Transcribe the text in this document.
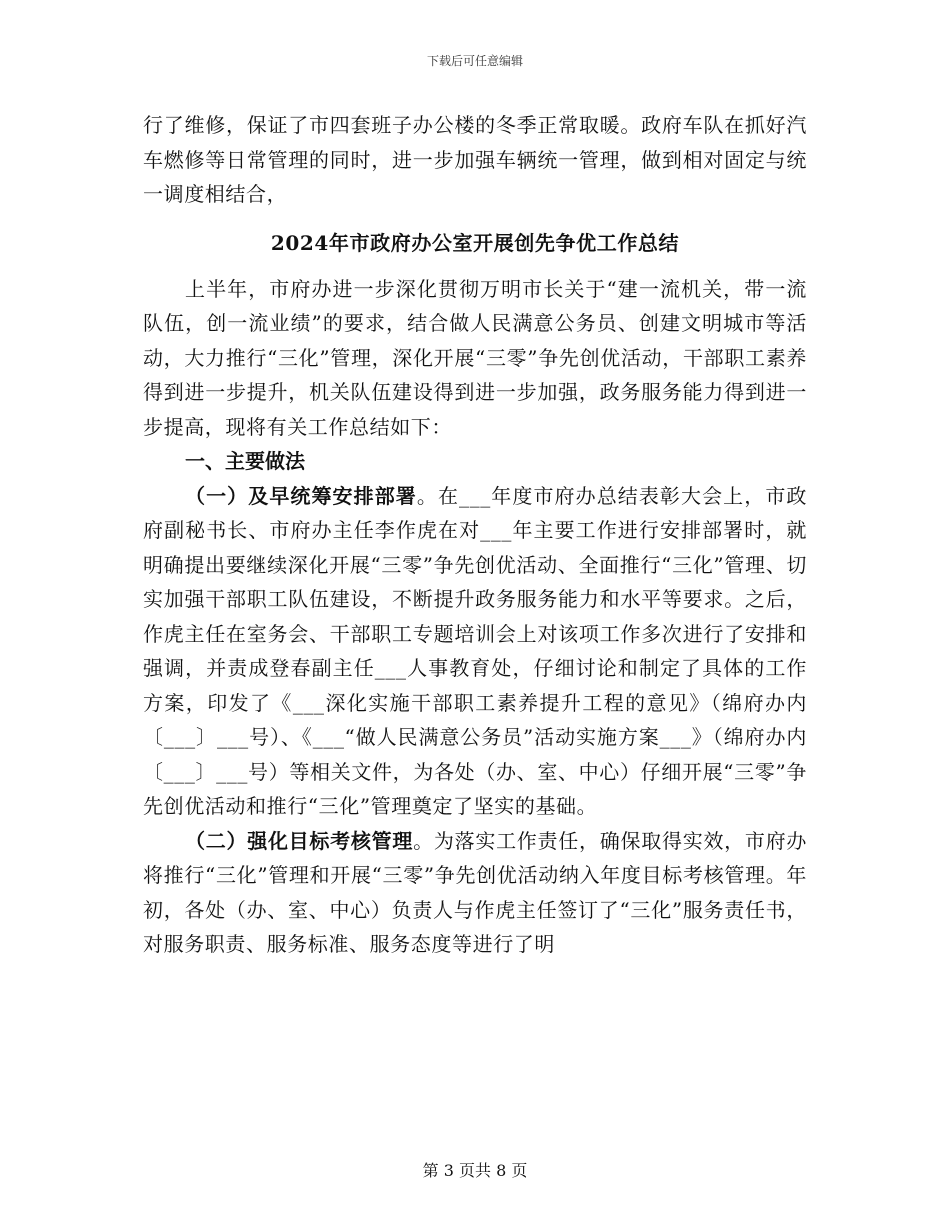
下载后可任意编辑

行了维修，保证了市四套班子办公楼的冬季正常取暖。政府车队在抓好汽车燃修等日常管理的同时，进一步加强车辆统一管理，做到相对固定与统一调度相结合，

2024年市政府办公室开展创先争优工作总结

上半年，市府办进一步深化贯彻万明市长关于“建一流机关，带一流队伍，创一流业绩”的要求，结合做人民满意公务员、创建文明城市等活动，大力推行“三化”管理，深化开展“三零”争先创优活动，干部职工素养得到进一步提升，机关队伍建设得到进一步加强，政务服务能力得到进一步提高，现将有关工作总结如下：

一、主要做法

（一）及早统筹安排部署。在___年度市府办总结表彰大会上，市政府副秘书长、市府办主任李作虎在对___年主要工作进行安排部署时，就明确提出要继续深化开展“三零”争先创优活动、全面推行“三化”管理、切实加强干部职工队伍建设，不断提升政务服务能力和水平等要求。之后，作虎主任在室务会、干部职工专题培训会上对该项工作多次进行了安排和强调，并责成登春副主任___人事教育处，仔细讨论和制定了具体的工作方案，印发了《___深化实施干部职工素养提升工程的意见》（绵府办内〔___〕___号）、《___“做人民满意公务员”活动实施方案___》（绵府办内〔___〕___号）等相关文件，为各处（办、室、中心）仔细开展“三零”争先创优活动和推行“三化”管理奠定了坚实的基础。

（二）强化目标考核管理。为落实工作责任，确保取得实效，市府办将推行“三化”管理和开展“三零”争先创优活动纳入年度目标考核管理。年初，各处（办、室、中心）负责人与作虎主任签订了“三化”服务责任书，对服务职责、服务标准、服务态度等进行了明

第 3 页共 8 页
